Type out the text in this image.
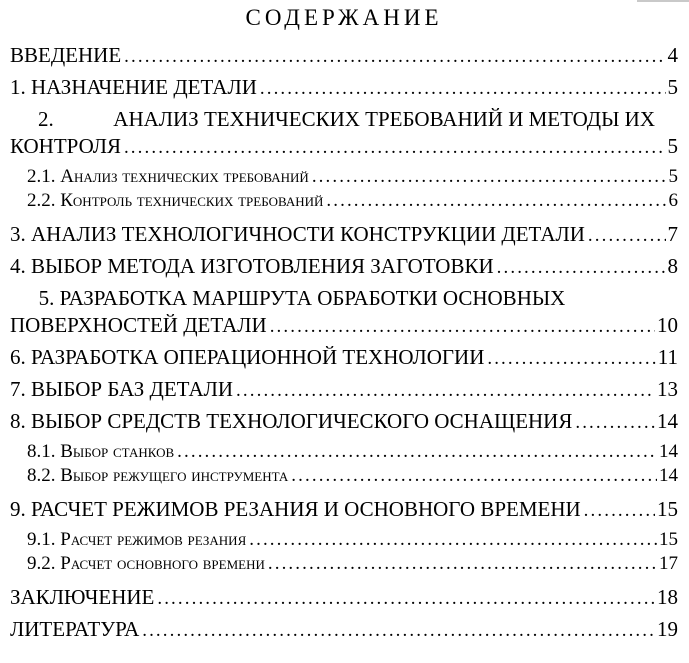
СОДЕРЖАНИЕ
ВВЕДЕНИЕ .....	4
1. НАЗНАЧЕНИЕ ДЕТАЛИ .....	5
2.	АНАЛИЗ ТЕХНИЧЕСКИХ ТРЕБОВАНИЙ И МЕТОДЫ ИХ
КОНТРОЛЯ .....	5
2.1. Анализ технических требований .....	5
2.2. Контроль технических требований .....	6
3. АНАЛИЗ ТЕХНОЛОГИЧНОСТИ КОНСТРУКЦИИ ДЕТАЛИ .....	7
4. ВЫБОР МЕТОДА ИЗГОТОВЛЕНИЯ ЗАГОТОВКИ .....	8
5. РАЗРАБОТКА МАРШРУТА ОБРАБОТКИ ОСНОВНЫХ
ПОВЕРХНОСТЕЙ ДЕТАЛИ .....	10
6. РАЗРАБОТКА ОПЕРАЦИОННОЙ ТЕХНОЛОГИИ .....	11
7. ВЫБОР БАЗ ДЕТАЛИ .....	13
8. ВЫБОР СРЕДСТВ ТЕХНОЛОГИЧЕСКОГО ОСНАЩЕНИЯ .....	14
8.1. Выбор станков .....	14
8.2. Выбор режущего инструмента .....	14
9. РАСЧЕТ РЕЖИМОВ РЕЗАНИЯ И ОСНОВНОГО ВРЕМЕНИ .....	15
9.1. Расчет режимов резания .....	15
9.2. Расчет основного времени .....	17
ЗАКЛЮЧЕНИЕ .....	18
ЛИТЕРАТУРА .....	19
